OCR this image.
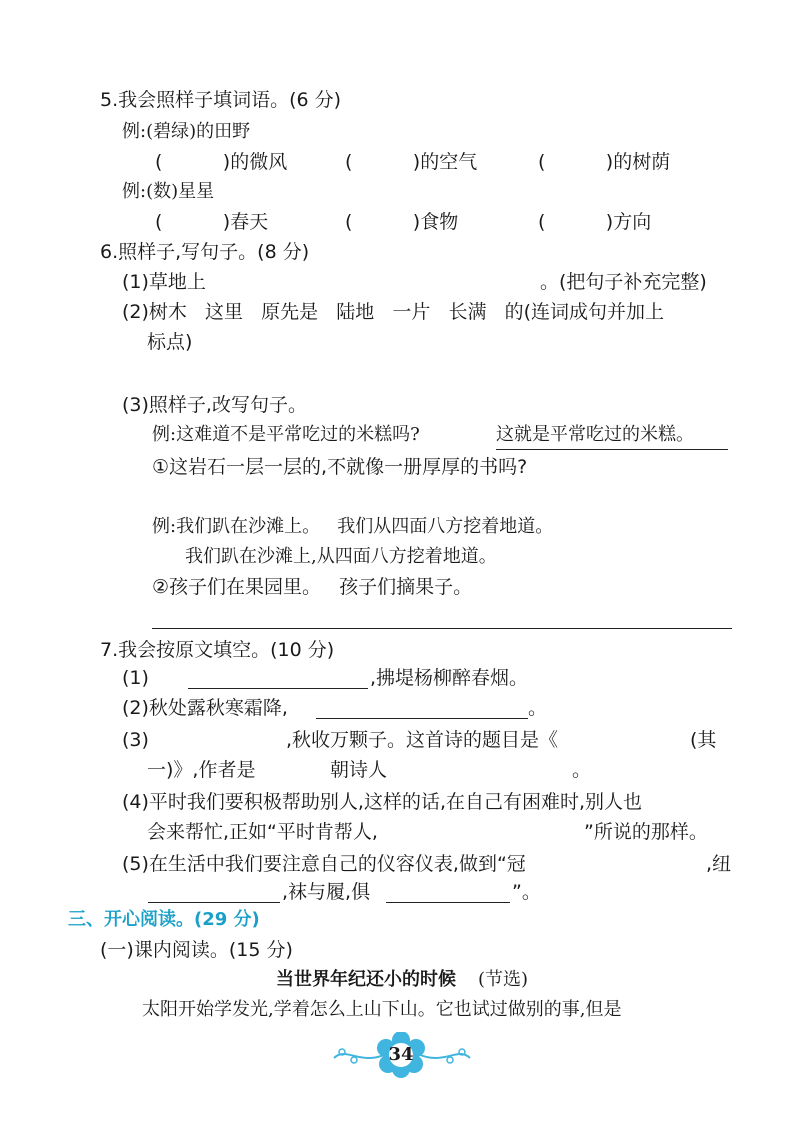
5.我会照样子填词语。(6 分)
例:(碧绿)的田野
(          )的微风	(          )的空气	(          )的树荫
例:(数)星星
(          )春天	(          )食物	(          )方向
6.照样子,写句子。(8 分)
(1)草地上	。(把句子补充完整)
(2)树木   这里   原先是   陆地   一片   长满   的(连词成句并加上
标点)
(3)照样子,改写句子。
例:这难道不是平常吃过的米糕吗?	这就是平常吃过的米糕。
①这岩石一层一层的,不就像一册厚厚的书吗?
例:我们趴在沙滩上。   我们从四面八方挖着地道。
我们趴在沙滩上,从四面八方挖着地道。
②孩子们在果园里。   孩子们摘果子。
7.我会按原文填空。(10 分)
(1)	,拂堤杨柳醉春烟。
(2)秋处露秋寒霜降,	。
(3)	,秋收万颗子。这首诗的题目是《	(其
一)》,作者是	朝诗人	。
(4)平时我们要积极帮助别人,这样的话,在自己有困难时,别人也
会来帮忙,正如“平时肯帮人,	”所说的那样。
(5)在生活中我们要注意自己的仪容仪表,做到“冠	,纽
,袜与履,俱	”。
三、开心阅读。(29 分)
(一)课内阅读。(15 分)
当世界年纪还小的时候 (节选)
太阳开始学发光,学着怎么上山下山。它也试过做别的事,但是
34
